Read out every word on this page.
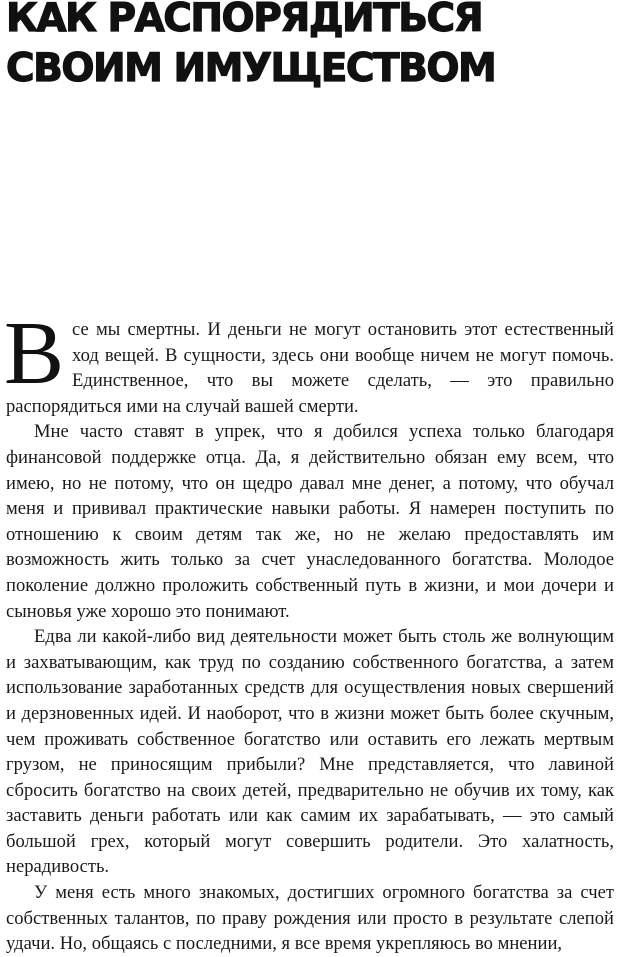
КАК РАСПОРЯДИТЬСЯ
СВОИМ ИМУЩЕСТВОМ

Все мы смертны. И деньги не могут остановить этот естественный ход вещей. В сущности, здесь они вообще ничем не могут помочь. Единственное, что вы можете сделать, — это правильно распорядиться ими на случай вашей смерти.

Мне часто ставят в упрек, что я добился успеха только благодаря финансовой поддержке отца. Да, я действительно обязан ему всем, что имею, но не потому, что он щедро давал мне денег, а потому, что обучал меня и прививал практические навыки работы. Я намерен поступить по отношению к своим детям так же, но не желаю предоставлять им возможность жить только за счет унаследованного богатства. Молодое поколение должно проложить собственный путь в жизни, и мои дочери и сыновья уже хорошо это понимают.

Едва ли какой-либо вид деятельности может быть столь же волнующим и захватывающим, как труд по созданию собственного богатства, а затем использование заработанных средств для осуществления новых свершений и дерзновенных идей. И наоборот, что в жизни может быть более скучным, чем проживать собственное богатство или оставить его лежать мертвым грузом, не приносящим прибыли? Мне представляется, что лавиной сбросить богатство на своих детей, предварительно не обучив их тому, как заставить деньги работать или как самим их зарабатывать, — это самый большой грех, который могут совершить родители. Это халатность, нерадивость.

У меня есть много знакомых, достигших огромного богатства за счет собственных талантов, по праву рождения или просто в результате слепой удачи. Но, общаясь с последними, я все время укрепляюсь во мнении,
